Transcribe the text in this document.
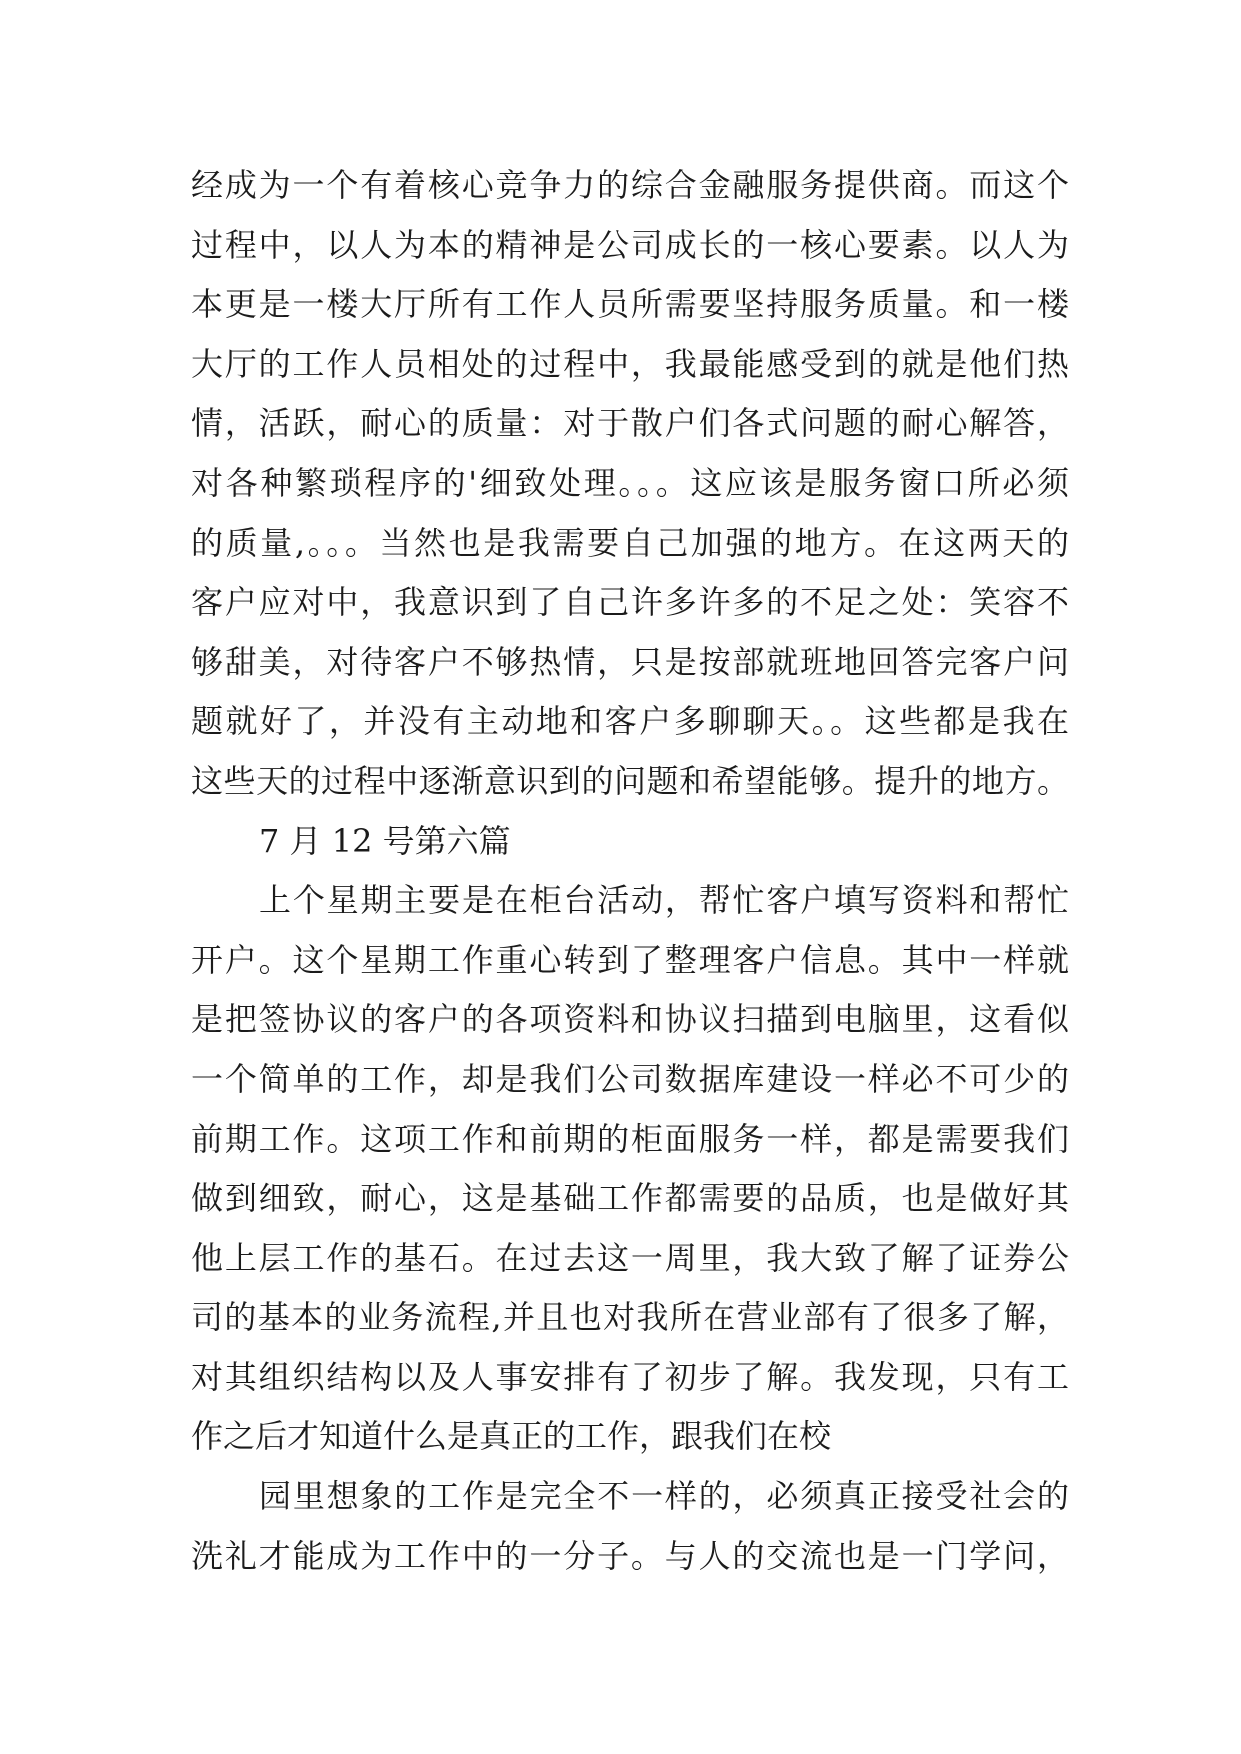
经成为一个有着核心竞争力的综合金融服务提供商。而这个
过程中，以人为本的精神是公司成长的一核心要素。以人为
本更是一楼大厅所有工作人员所需要坚持服务质量。和一楼
大厅的工作人员相处的过程中，我最能感受到的就是他们热
情，活跃，耐心的质量：对于散户们各式问题的耐心解答，
对各种繁琐程序的'细致处理。。。这应该是服务窗口所必须
的质量,。。。当然也是我需要自己加强的地方。在这两天的
客户应对中，我意识到了自己许多许多的不足之处：笑容不
够甜美，对待客户不够热情，只是按部就班地回答完客户问
题就好了，并没有主动地和客户多聊聊天。。这些都是我在
这些天的过程中逐渐意识到的问题和希望能够。提升的地方。
7 月 12 号第六篇
上个星期主要是在柜台活动，帮忙客户填写资料和帮忙
开户。这个星期工作重心转到了整理客户信息。其中一样就
是把签协议的客户的各项资料和协议扫描到电脑里，这看似
一个简单的工作，却是我们公司数据库建设一样必不可少的
前期工作。这项工作和前期的柜面服务一样，都是需要我们
做到细致，耐心，这是基础工作都需要的品质，也是做好其
他上层工作的基石。在过去这一周里，我大致了解了证券公
司的基本的业务流程,并且也对我所在营业部有了很多了解，
对其组织结构以及人事安排有了初步了解。我发现，只有工
作之后才知道什么是真正的工作，跟我们在校
园里想象的工作是完全不一样的，必须真正接受社会的
洗礼才能成为工作中的一分子。与人的交流也是一门学问，
